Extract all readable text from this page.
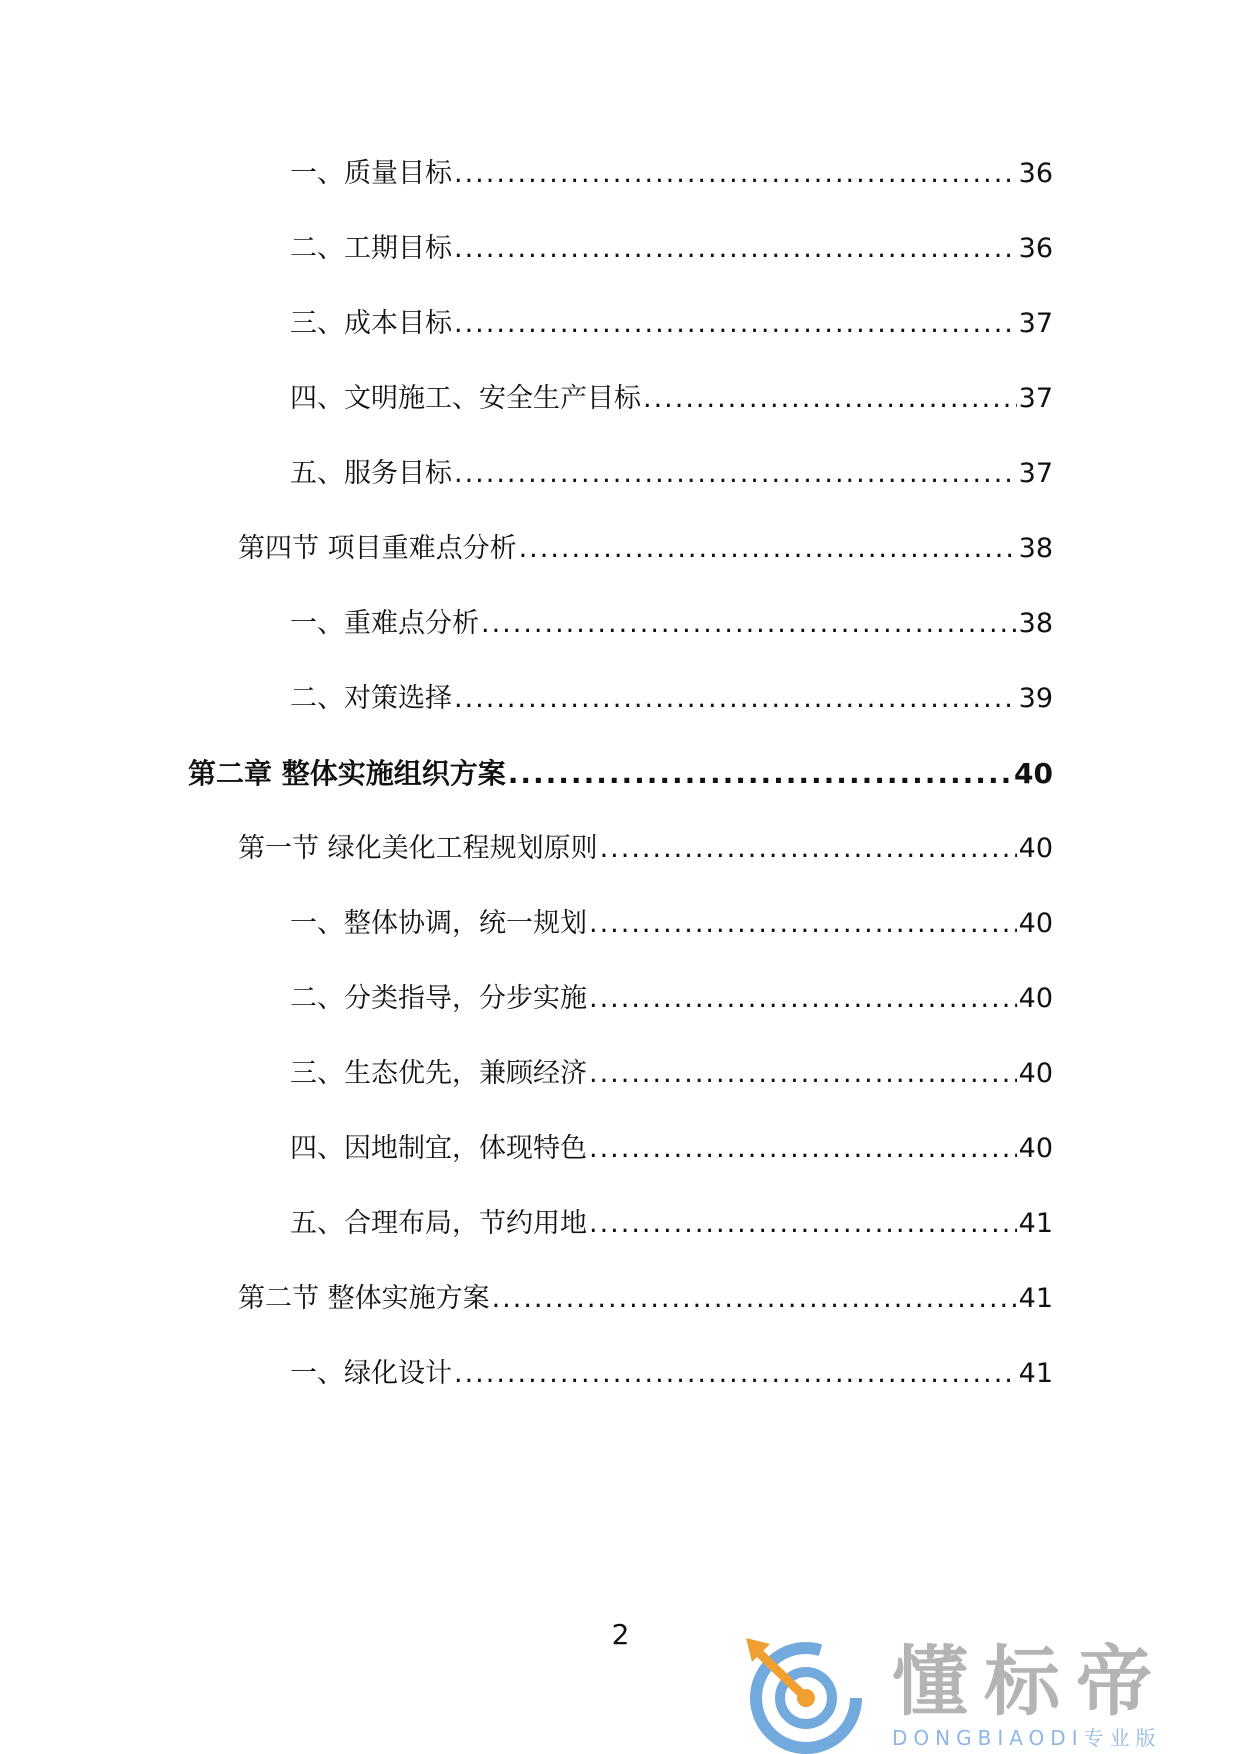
一、质量目标 .....	36
二、工期目标 .....	36
三、成本目标 .....	37
四、文明施工、安全生产目标 .....	37
五、服务目标 .....	37
第四节 项目重难点分析 .....	38
一、重难点分析 .....	38
二、对策选择 .....	39
第二章 整体实施组织方案 .....	40
第一节 绿化美化工程规划原则 .....	40
一、整体协调，统一规划 .....	40
二、分类指导，分步实施 .....	40
三、生态优先，兼顾经济 .....	40
四、因地制宜，体现特色 .....	40
五、合理布局，节约用地 .....	41
第二节 整体实施方案 .....	41
一、绿化设计 .....	41
2
懂标帝
DONGBIAODI专业版
